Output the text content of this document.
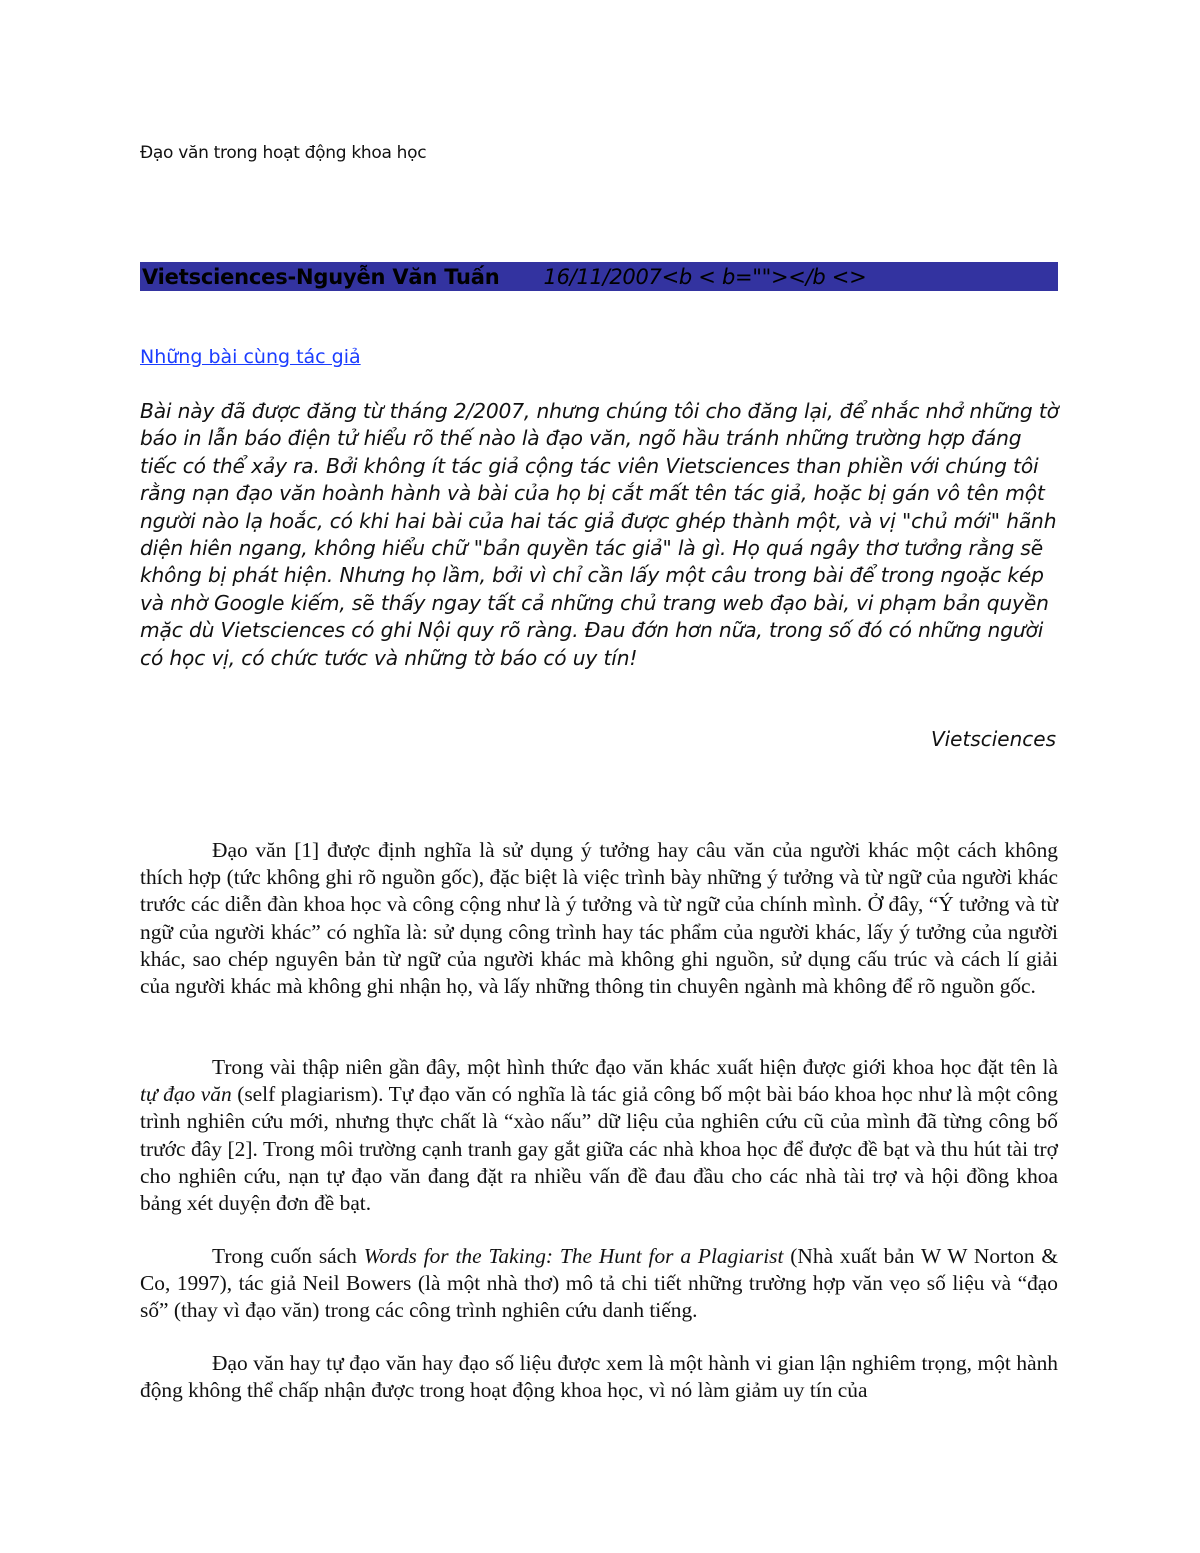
Đạo văn trong hoạt động khoa học
Vietsciences-Nguyễn Văn Tuấn 16/11/2007<b < b=""></b <>
Những bài cùng tác giả

Bài này đã được đăng từ tháng 2/2007, nhưng chúng tôi cho đăng lại, để nhắc nhở những tờ báo in lẫn báo điện tử hiểu rõ thế nào là đạo văn, ngõ hầu tránh những trường hợp đáng tiếc có thể xảy ra. Bởi không ít tác giả cộng tác viên Vietsciences than phiền với chúng tôi rằng nạn đạo văn hoành hành và bài của họ bị cắt mất tên tác giả, hoặc bị gán vô tên một người nào lạ hoắc, có khi hai bài của hai tác giả được ghép thành một, và vị "chủ mới" hãnh diện hiên ngang, không hiểu chữ "bản quyền tác giả" là gì. Họ quá ngây thơ tưởng rằng sẽ không bị phát hiện. Nhưng họ lầm, bởi vì chỉ cần lấy một câu trong bài để trong ngoặc kép và nhờ Google kiếm, sẽ thấy ngay tất cả những chủ trang web đạo bài, vi phạm bản quyền mặc dù Vietsciences có ghi Nội quy rõ ràng. Đau đớn hơn nữa, trong số đó có những người có học vị, có chức tước và những tờ báo có uy tín!

Vietsciences

Đạo văn [1] được định nghĩa là sử dụng ý tưởng hay câu văn của người khác một cách không thích hợp (tức không ghi rõ nguồn gốc), đặc biệt là việc trình bày những ý tưởng và từ ngữ của người khác trước các diễn đàn khoa học và công cộng như là ý tưởng và từ ngữ của chính mình. Ở đây, “Ý tưởng và từ ngữ của người khác” có nghĩa là: sử dụng công trình hay tác phẩm của người khác, lấy ý tưởng của người khác, sao chép nguyên bản từ ngữ của người khác mà không ghi nguồn, sử dụng cấu trúc và cách lí giải của người khác mà không ghi nhận họ, và lấy những thông tin chuyên ngành mà không để rõ nguồn gốc.

Trong vài thập niên gần đây, một hình thức đạo văn khác xuất hiện được giới khoa học đặt tên là tự đạo văn (self plagiarism). Tự đạo văn có nghĩa là tác giả công bố một bài báo khoa học như là một công trình nghiên cứu mới, nhưng thực chất là “xào nấu” dữ liệu của nghiên cứu cũ của mình đã từng công bố trước đây [2]. Trong môi trường cạnh tranh gay gắt giữa các nhà khoa học để được đề bạt và thu hút tài trợ cho nghiên cứu, nạn tự đạo văn đang đặt ra nhiều vấn đề đau đầu cho các nhà tài trợ và hội đồng khoa bảng xét duyện đơn đề bạt.

Trong cuốn sách Words for the Taking: The Hunt for a Plagiarist (Nhà xuất bản W W Norton & Co, 1997), tác giả Neil Bowers (là một nhà thơ) mô tả chi tiết những trường hợp văn vẹo số liệu và “đạo số” (thay vì đạo văn) trong các công trình nghiên cứu danh tiếng.

Đạo văn hay tự đạo văn hay đạo số liệu được xem là một hành vi gian lận nghiêm trọng, một hành động không thể chấp nhận được trong hoạt động khoa học, vì nó làm giảm uy tín của
